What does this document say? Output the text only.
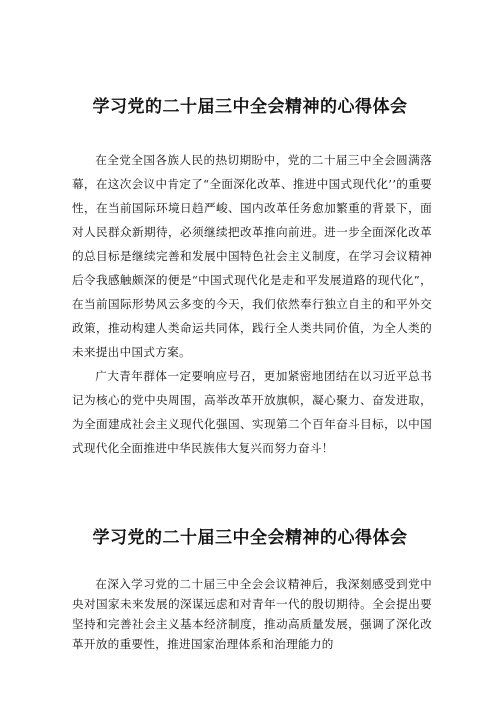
学习党的二十届三中全会精神的心得体会

在全党全国各族人民的热切期盼中，党的二十届三中全会圆满落幕，在这次会议中肯定了“全面深化改革、推进中国式现代化’’的重要性，在当前国际环境日趋严峻、国内改革任务愈加繁重的背景下，面对人民群众新期待，必须继续把改革推向前进。进一步全面深化改革的总目标是继续完善和发展中国特色社会主义制度，在学习会议精神后令我感触颇深的便是“中国式现代化是走和平发展道路的现代化”，在当前国际形势风云多变的今天，我们依然奉行独立自主的和平外交政策，推动构建人类命运共同体，践行全人类共同价值，为全人类的未来提出中国式方案。

广大青年群体一定要响应号召，更加紧密地团结在以习近平总书记为核心的党中央周围，高举改革开放旗帜，凝心聚力、奋发进取，为全面建成社会主义现代化强国、实现第二个百年奋斗目标，以中国式现代化全面推进中华民族伟大复兴而努力奋斗！

学习党的二十届三中全会精神的心得体会

在深入学习党的二十届三中全会会议精神后，我深刻感受到党中央对国家未来发展的深谋远虑和对青年一代的殷切期待。全会提出要坚持和完善社会主义基本经济制度，推动高质量发展，强调了深化改革开放的重要性，推进国家治理体系和治理能力的
